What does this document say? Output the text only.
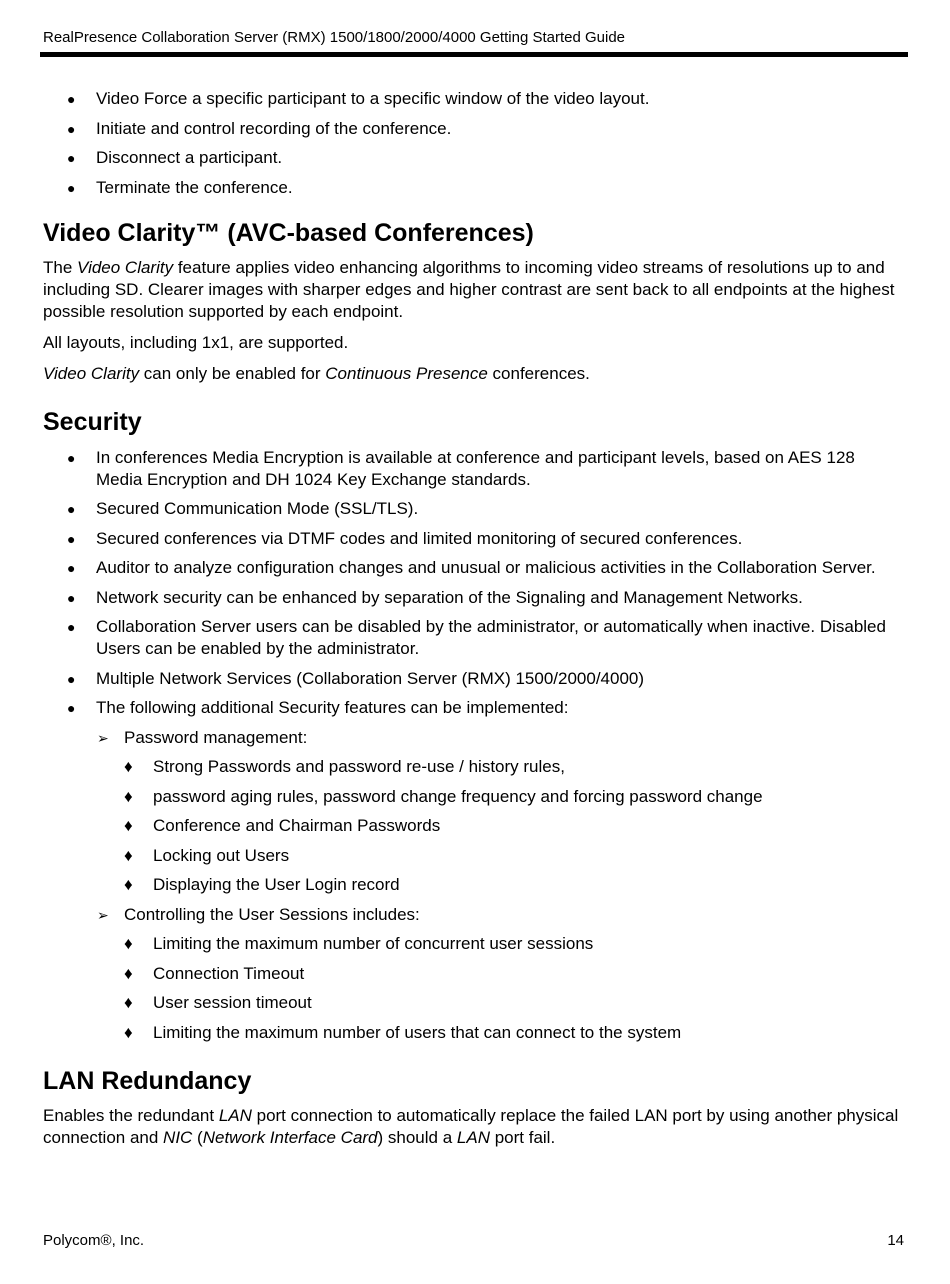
RealPresence Collaboration Server (RMX) 1500/1800/2000/4000 Getting Started Guide
● Video Force a specific participant to a specific window of the video layout.
● Initiate and control recording of the conference.
● Disconnect a participant.
● Terminate the conference.
Video Clarity™ (AVC-based Conferences)

The Video Clarity feature applies video enhancing algorithms to incoming video streams of resolutions up to and including SD. Clearer images with sharper edges and higher contrast are sent back to all endpoints at the highest possible resolution supported by each endpoint.

All layouts, including 1x1, are supported.

Video Clarity can only be enabled for Continuous Presence conferences.

Security
● In conferences Media Encryption is available at conference and participant levels, based on AES 128 Media Encryption and DH 1024 Key Exchange standards.
● Secured Communication Mode (SSL/TLS).
● Secured conferences via DTMF codes and limited monitoring of secured conferences.
● Auditor to analyze configuration changes and unusual or malicious activities in the Collaboration Server.
● Network security can be enhanced by separation of the Signaling and Management Networks.
● Collaboration Server users can be disabled by the administrator, or automatically when inactive. Disabled Users can be enabled by the administrator.
● Multiple Network Services (Collaboration Server (RMX) 1500/2000/4000)
● The following additional Security features can be implemented:
➢ Password management:
♦ Strong Passwords and password re-use / history rules,
♦ password aging rules, password change frequency and forcing password change
♦ Conference and Chairman Passwords
♦ Locking out Users
♦ Displaying the User Login record
➢ Controlling the User Sessions includes:
♦ Limiting the maximum number of concurrent user sessions
♦ Connection Timeout
♦ User session timeout
♦ Limiting the maximum number of users that can connect to the system
LAN Redundancy

Enables the redundant LAN port connection to automatically replace the failed LAN port by using another physical connection and NIC (Network Interface Card) should a LAN port fail.

Polycom®, Inc.	14
